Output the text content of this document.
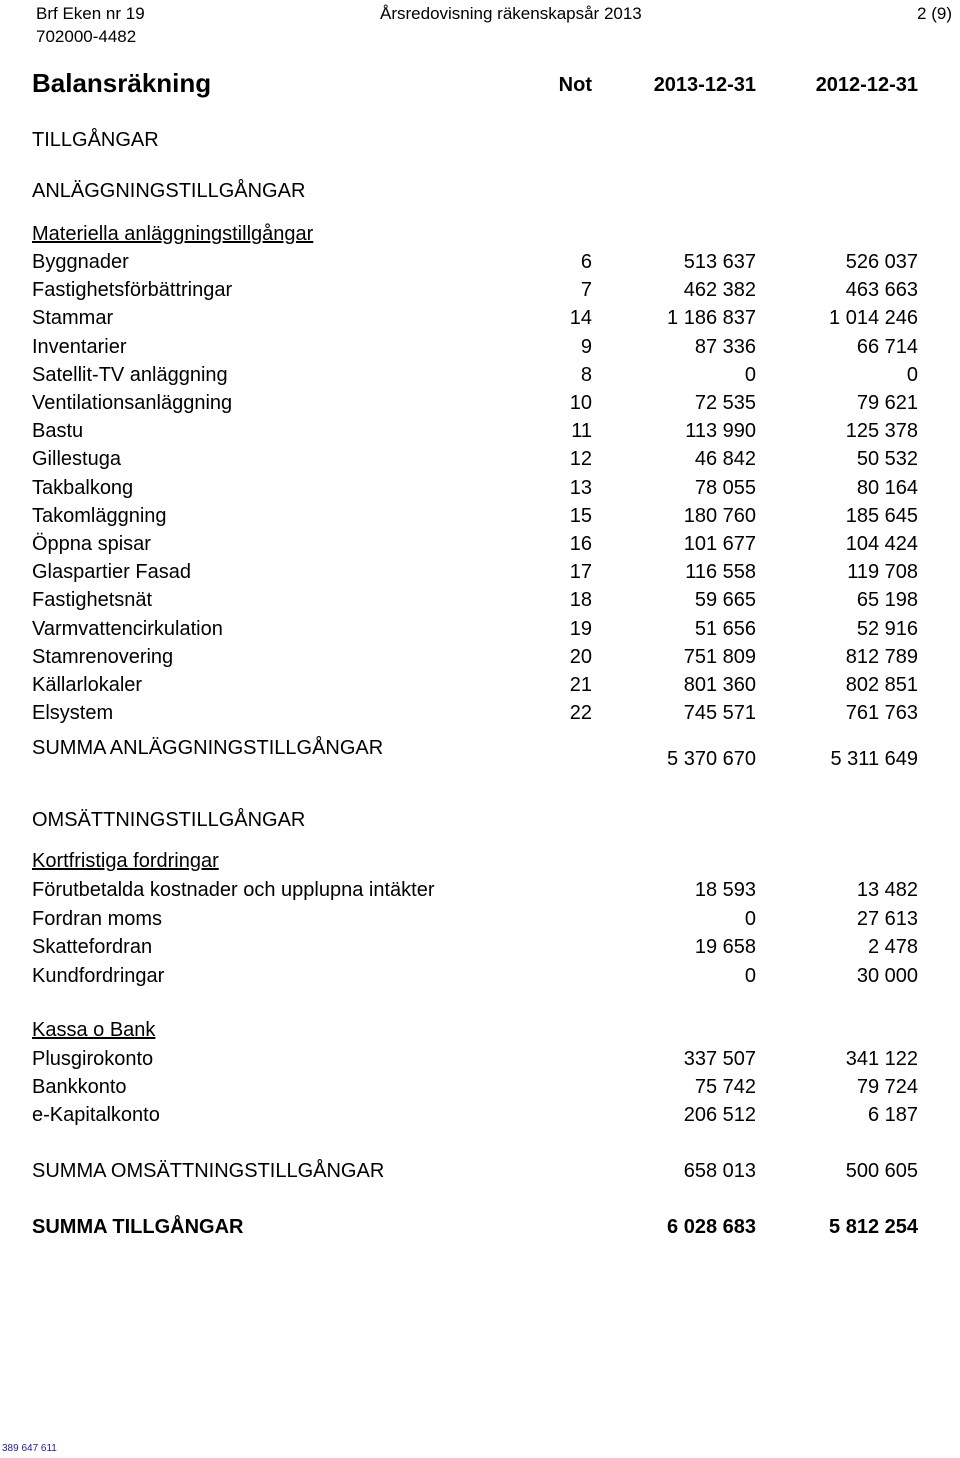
Brf Eken nr 19
702000-4482
Årsredovisning räkenskapsår 2013	2 (9)
Balansräkning	Not	2013-12-31	2012-12-31
TILLGÅNGAR
ANLÄGGNINGSTILLGÅNGAR
Materiella anläggningstillgångar
Byggnader	6	513 637	526 037
Fastighetsförbättringar	7	462 382	463 663
Stammar	14	1 186 837	1 014 246
Inventarier	9	87 336	66 714
Satellit-TV anläggning	8	0	0
Ventilationsanläggning	10	72 535	79 621
Bastu	11	113 990	125 378
Gillestuga	12	46 842	50 532
Takbalkong	13	78 055	80 164
Takomläggning	15	180 760	185 645
Öppna spisar	16	101 677	104 424
Glaspartier Fasad	17	116 558	119 708
Fastighetsnät	18	59 665	65 198
Varmvattencirkulation	19	51 656	52 916
Stamrenovering	20	751 809	812 789
Källarlokaler	21	801 360	802 851
Elsystem	22	745 571	761 763
SUMMA ANLÄGGNINGSTILLGÅNGAR	5 370 670	5 311 649
OMSÄTTNINGSTILLGÅNGAR
Kortfristiga fordringar
Förutbetalda kostnader och upplupna intäkter	18 593	13 482
Fordran moms	0	27 613
Skattefordran	19 658	2 478
Kundfordringar	0	30 000
Kassa o Bank
Plusgirokonto	337 507	341 122
Bankkonto	75 742	79 724
e-Kapitalkonto	206 512	6 187
SUMMA OMSÄTTNINGSTILLGÅNGAR	658 013	500 605
SUMMA TILLGÅNGAR	6 028 683	5 812 254
389 647 611
